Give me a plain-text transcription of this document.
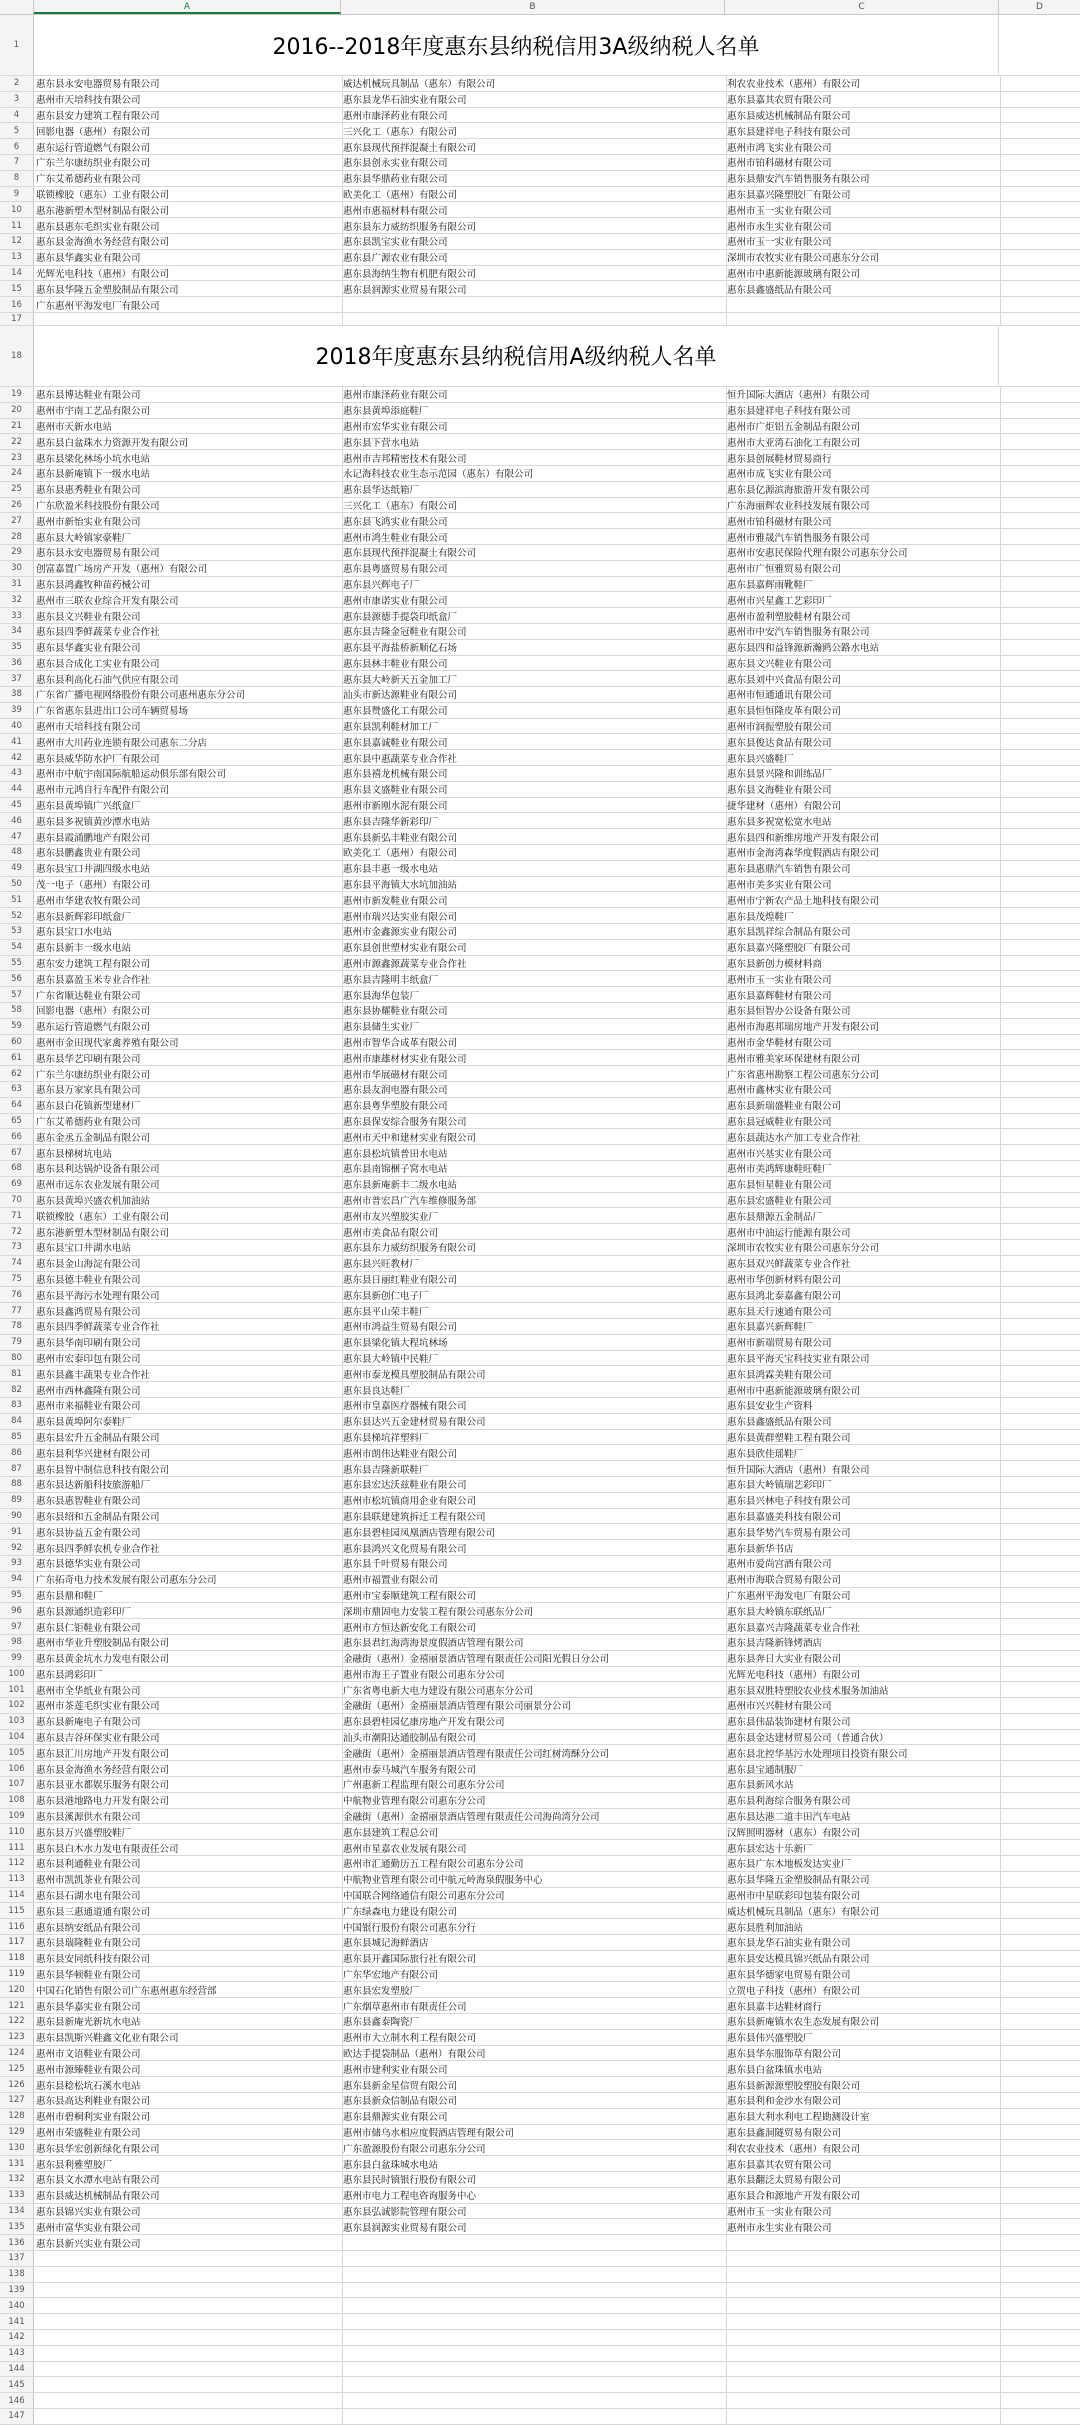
A	B	C	D
1	2016--2018年度惠东县纳税信用3A级纳税人名单
2	惠东县永安电器贸易有限公司	威达机械玩具制品（惠东）有限公司	利农农业技术（惠州）有限公司
3	惠州市天培科技有限公司	惠东县龙华石油实业有限公司	惠东县嘉其农贸有限公司
4	惠东县安力建筑工程有限公司	惠州市康泽药业有限公司	惠东县威达机械制品有限公司
5	回影电器（惠州）有限公司	三兴化工（惠东）有限公司	惠东县建祥电子科技有限公司
6	惠东运行管道燃气有限公司	惠东县现代预拌混凝土有限公司	惠州市鸿飞实业有限公司
7	广东兰尔康纺织业有限公司	惠东县创永实业有限公司	惠州市铂科磁材有限公司
8	广东艾希德药业有限公司	惠东县华鼎药业有限公司	惠东县鼎安汽车销售服务有限公司
9	联锁橡胶（惠东）工业有限公司	欧美化工（惠州）有限公司	惠东县嘉兴隆塑胶厂有限公司
10	惠东港新塑木型材制品有限公司	惠州市惠福材料有限公司	惠州市玉一实业有限公司
11	惠东县惠东毛织实业有限公司	惠东县东力威纺织服务有限公司	惠州市永生实业有限公司
12	惠东县金海渔水务经营有限公司	惠东县凯宝实业有限公司	惠州市玉一实业有限公司
13	惠东县华鑫实业有限公司	惠东县广源农业有限公司	深圳市农牧实业有限公司惠东分公司
14	光辉光电科技（惠州）有限公司	惠东县海纳生物有机肥有限公司	惠州市中惠新能源玻璃有限公司
15	惠东县华隆五金塑胶制品有限公司	惠东县润源实业贸易有限公司	惠东县鑫盛纸品有限公司
16	广东惠州平海发电厂有限公司
17
18	2018年度惠东县纳税信用A级纳税人名单
19	惠东县博达鞋业有限公司	惠州市康泽药业有限公司	恒升国际大酒店（惠州）有限公司
20	惠州市宇南工艺品有限公司	惠东县黄埠添庭鞋厂	惠东县建祥电子科技有限公司
21	惠州市天新水电站	惠州市宏华实业有限公司	惠州市广炬铝五金制品有限公司
22	惠东县白盆珠水力资源开发有限公司	惠东县下营水电站	惠州市大亚湾石油化工有限公司
23	惠东县梁化林场小坑水电站	惠州市吉邦精密技术有限公司	惠东县创展鞋材贸易商行
24	惠东县新庵镇下一级水电站	永记海科技农业生态示范园（惠东）有限公司	惠州市成飞实业有限公司
25	惠东县惠秀鞋业有限公司	惠东县华达纸箱厂	惠东县亿源滨海旅游开发有限公司
26	广东欣盈米科技股份有限公司	三兴化工（惠东）有限公司	广东海丽辉农业科技发展有限公司
27	惠州市新怡实业有限公司	惠东县飞鸿实业有限公司	惠州市铂科磁材有限公司
28	惠东县大岭镇家豪鞋厂	惠州市鸿生鞋业有限公司	惠州市雅晟汽车销售服务有限公司
29	惠东县永安电器贸易有限公司	惠东县现代预拌混凝土有限公司	惠州市安惠民保险代理有限公司惠东分公司
30	创富嘉置广场房产开发（惠州）有限公司	惠东县粤盛贸易有限公司	惠州市广恒雅贸易有限公司
31	惠东县鸿鑫牧种苗药械公司	惠东县兴辉电子厂	惠东县嘉辉雨靴鞋厂
32	惠州市三联农业综合开发有限公司	惠州市康诺实业有限公司	惠州市兴星鑫工艺彩印厂
33	惠东县文兴鞋业有限公司	惠东县源德手提袋印纸盒厂	惠州市盈利塑胶鞋材有限公司
34	惠东县四季鲜蔬菜专业合作社	惠东县吉隆金冠鞋业有限公司	惠州市中安汽车销售服务有限公司
35	惠东县华鑫实业有限公司	惠东县平海盐桥新顺亿石场	惠东县四和益锋源新瀚鸥公路水电站
36	惠东县合成化工实业有限公司	惠东县林丰鞋业有限公司	惠东县文兴鞋业有限公司
37	惠东县利高化石油气供应有限公司	惠东县大岭新天五金加工厂	惠东县刘中兴食品有限公司
38	广东省广播电视网络股份有限公司惠州惠东分公司	汕头市新达源鞋业有限公司	惠州市恒通通讯有限公司
39	广东省惠东县进出口公司车辆贸易场	惠东县赞盛化工有限公司	惠东县恒恒隆皮革有限公司
40	惠州市天培科技有限公司	惠东县凯利鞋材加工厂	惠州市润振塑胶有限公司
41	惠州市大川药业连锁有限公司惠东二分店	惠东县嘉诚鞋业有限公司	惠东县俊达食品有限公司
42	惠东县威华防水护厂有限公司	惠东县中惠蔬菜专业合作社	惠东县兴盛鞋厂
43	惠州市中航宇南国际航船运动俱乐部有限公司	惠东县禧龙机械有限公司	惠东县景兴隆和训练品厂
44	惠州市元鸿自行车配件有限公司	惠东县文盛鞋业有限公司	惠东县文海鞋业有限公司
45	惠东县黄埠镇广兴纸盒厂	惠州市新刚水泥有限公司	捷华建材（惠州）有限公司
46	惠东县多祝镇黄沙潭水电站	惠东县吉隆华新彩印厂	惠东县多祝宽松宽水电站
47	惠东县霞涌鹏地产有限公司	惠东县新弘丰鞋业有限公司	惠东县四和新维房地产开发有限公司
48	惠东县鹏鑫贵业有限公司	欧美化工（惠州）有限公司	惠州市金海湾森华度假酒店有限公司
49	惠东县宝口井湖四级水电站	惠东县丰惠一级水电站	惠东县惠鼎汽车销售有限公司
50	茂一电子（惠州）有限公司	惠东县平海镇大水坑加油站	惠州市美多实业有限公司
51	惠州市华建农牧有限公司	惠州市新发鞋业有限公司	惠州市宁新农产品土地科技有限公司
52	惠东县新辉彩印纸盒厂	惠州市瑞兴达实业有限公司	惠东县茂煌鞋厂
53	惠东县宝口水电站	惠州市金鑫源实业有限公司	惠东县凯祥综合制品有限公司
54	惠东县新丰一级水电站	惠东县创世塑材实业有限公司	惠东县嘉兴隆塑胶厂有限公司
55	惠东安力建筑工程有限公司	惠州市源鑫源蔬菜专业合作社	惠东县新创力模材料商
56	惠东县嘉盈玉米专业合作社	惠东县吉隆明丰纸盒厂	惠州市玉一实业有限公司
57	广东省顺达鞋业有限公司	惠东县海华包装厂	惠东县嘉辉鞋材有限公司
58	回影电器（惠州）有限公司	惠东县协耀鞋业有限公司	惠东县恒智办公设备有限公司
59	惠东运行管道燃气有限公司	惠东县储生实业厂	惠州市海惠邦瑞房地产开发有限公司
60	惠州市金田现代家禽养殖有限公司	惠州市智华合成革有限公司	惠州市金华鞋材有限公司
61	惠东县华艺印刷有限公司	惠州市康雄材材实业有限公司	惠州市雅美家环保建材有限公司
62	广东兰尔康纺织业有限公司	惠州市华展磁材有限公司	广东省惠州勘察工程公司惠东分公司
63	惠东县万家家具有限公司	惠东县友润电器有限公司	惠州市鑫林实业有限公司
64	惠东县白花镇新型建材厂	惠东县粤华塑胶有限公司	惠东县新瑞盛鞋业有限公司
65	广东艾希德药业有限公司	惠东县保安综合服务有限公司	惠东县冠威鞋业有限公司
66	惠东金丞五金制品有限公司	惠州市天中和建材实业有限公司	惠东县蔬达水产加工专业合作社
67	惠东县梯树坑电站	惠东县松坑镇普田水电站	惠州市兴基实业有限公司
68	惠东县利达锅炉设备有限公司	惠东县南锦梱子窝水电站	惠州市美鸿辉康鞋旺鞋厂
69	惠州市远东农业发展有限公司	惠东县新庵新丰二级水电站	惠东县恒星鞋业有限公司
70	惠东县黄埠兴盛农机加油站	惠州市普宏昌广汽车维修服务部	惠东县宏盛鞋业有限公司
71	联锁橡胶（惠东）工业有限公司	惠州市友兴塑胶实业厂	惠东县鼎源五金制品厂
72	惠东港新塑木型材制品有限公司	惠州市美食品有限公司	惠州市中油运行能源有限公司
73	惠东县宝口井湖水电站	惠东县东力威纺织服务有限公司	深圳市农牧实业有限公司惠东分公司
74	惠东县金山海淀有限公司	惠东县兴旺教材厂	惠东县双兴鲜蔬菜专业合作社
75	惠东县德丰鞋业有限公司	惠东县日丽红鞋业有限公司	惠州市华创新材料有限公司
76	惠东县平海污水处理有限公司	惠东县新创仁电子厂	惠东县鸿北泰嘉鑫有限公司
77	惠东县鑫鸿贸易有限公司	惠东县平山荣丰鞋厂	惠东县天行速通有限公司
78	惠东县四季鲜蔬菜专业合作社	惠州市鸿益生贸易有限公司	惠东县嘉兴新辉鞋厂
79	惠东县华南印刷有限公司	惠东县梁化镇大程坑林场	惠州市新端贸易有限公司
80	惠州市宏泰印包有限公司	惠东县大岭镇中民鞋厂	惠东县平海天宝科技实业有限公司
81	惠东县鑫丰蔬果专业合作社	惠州市泰龙模具塑胶制品有限公司	惠东县鸿霖美鞋有限公司
82	惠州市西林鑫隆有限公司	惠东县良达鞋厂	惠州市中惠新能源玻璃有限公司
83	惠州市来福鞋业有限公司	惠州市皇嘉医疗器械有限公司	惠东县安业生产资料
84	惠东县黄埠阿尔泰鞋厂	惠东县达兴五金建材贸易有限公司	惠东县鑫盛纸品有限公司
85	惠东县宏升五金制品有限公司	惠东县梯坑祥塑料厂	惠东县黄群塑鞋工程有限公司
86	惠东县利华兴建材有限公司	惠州市朗伟达鞋业有限公司	惠东县欣佳瑶鞋厂
87	惠东县智中制信息科技有限公司	惠东县吉隆新联鞋厂	恒升国际大酒店（惠州）有限公司
88	惠东县达新船科技旅游船厂	惠东县宏达沃兹鞋业有限公司	惠东县大岭镇瑞艺彩印厂
89	惠东县惠智鞋业有限公司	惠州市松坑镇商用企业有限公司	惠东县兴林电子科技有限公司
90	惠东县绍和五金制品有限公司	惠东县联建建筑拆迁工程有限公司	惠东县嘉盛美科技有限公司
91	惠东县协益五金有限公司	惠东县碧桂园凤凰酒店管理有限公司	惠东县华势汽车贸易有限公司
92	惠东县四季鲜农机专业合作社	惠东县鸿兴文化贸易有限公司	惠东县新华书店
93	惠东县德华实业有限公司	惠东县千叶贸易有限公司	惠州市爱尚宫酒有限公司
94	广东拓奇电力技术发展有限公司惠东分公司	惠州市福置业有限公司	惠州市海联合贸易有限公司
95	惠东县鼎和鞋厂	惠州市宝泰顺建筑工程有限公司	广东惠州平海发电厂有限公司
96	惠东县源通织造彩印厂	深圳市鼎固电力安装工程有限公司惠东分公司	惠东县大岭镇东联纸品厂
97	惠东县仁钜鞋业有限公司	惠州市方恒达新安化工有限公司	惠东县嘉兴吉隆蔬菜专业合作社
98	惠州市华业升塑胶制品有限公司	惠东县君红海湾海景度假酒店管理有限公司	惠东县吉隆新锋烤酒店
99	惠东县黄金坑水力发电有限公司	金融街（惠州）金禧丽景酒店管理有限责任公司阳光假日分公司	惠东县奔日大实业有限公司
100	惠东县鸿彩印厂	惠州市海王子置业有限公司惠东分公司	光辉光电科技（惠州）有限公司
101	惠州市全华纸业有限公司	广东省粤电新大电力建设有限公司惠东分公司	惠东县双胜特塑胶农业技术服务加油站
102	惠州市茶莲毛织实业有限公司	金融街（惠州）金禧丽景酒店管理有限公司丽景分公司	惠州市兴兴鞋材有限公司
103	惠东县新庵电子有限公司	惠东县碧桂园亿康房地产开发有限公司	惠东县伟晶装饰建材有限公司
104	惠东县吉谷环保实业有限公司	汕头市潮阳达通胶制品有限公司	惠东县金达建材贸易公司（普通合伙）
105	惠东县汇川房地产开发有限公司	金融街（惠州）金禧丽景酒店管理有限责任公司红树湾酥分公司	惠东县北控华基污水处理项目投资有限公司
106	惠东县金海渔水务经营有限公司	惠州市泰马城汽车服务有限公司	惠东县宝通制服厂
107	惠东县亚水都娱乐服务有限公司	广州惠新工程监理有限公司惠东分公司	惠东县新风水站
108	惠东县港地路电力开发有限公司	中航物业管理有限公司惠东分公司	惠东县利海综合服务有限公司
109	惠东县溪源供水有限公司	金融街（惠州）金禧丽景酒店管理有限责任公司海尚湾分公司	惠东县达港二道丰田汽车电站
110	惠东县万兴盛塑胶鞋厂	惠东县建筑工程总公司	汉辉照明器材（惠东）有限公司
111	惠东县白木水力发电有限责任公司	惠州市星嘉农业发展有限公司	惠东县宏达十乐新厂
112	惠东县利通鞋业有限公司	惠州市汇通勤历五工程有限公司惠东分公司	惠东县广东木地板发达实业厂
113	惠州市凯凯茶业有限公司	中航物业管理有限公司中航元岭海泉假服务中心	惠东县华隆五金塑胶制品有限公司
114	惠东县石湖水电有限公司	中国联合网络通信有限公司惠东分公司	惠州市中星联彩印包装有限公司
115	惠东县三惠通道通有限公司	广东绿森电力建设有限公司	威达机械玩具制品（惠东）有限公司
116	惠东县纳安纸品有限公司	中国银行股份有限公司惠东分行	惠东县胜利加油站
117	惠东县瑞隆鞋业有限公司	惠东县城记海鲜酒店	惠东县龙华石油实业有限公司
118	惠东县安同纸科技有限公司	惠东县开鑫国际旅行社有限公司	惠东县安达模具锦兴纸品有限公司
119	惠东县华顿鞋业有限公司	广东华宏地产有限公司	惠东县华德家电贸易有限公司
120	中国石化销售有限公司广东惠州惠东经营部	惠东县宏发塑胶厂	立贺电子科技（惠州）有限公司
121	惠东县华嘉实业有限公司	广东烟草惠州市有限责任公司	惠东县嘉丰达鞋材商行
122	惠东县新庵光新坑水电站	惠东县鑫泰陶瓷厂	惠东县新庵镇水农生态发展有限公司
123	惠东县凯斯兴鞋鑫文化业有限公司	惠州市大立制水利工程有限公司	惠东县伟兴盛塑胶厂
124	惠州市文语鞋业有限公司	欧达手提袋制品（惠州）有限公司	惠东县华东服饰草有限公司
125	惠州市源臻鞋业有限公司	惠州市建利实业有限公司	惠东县白盆珠镇水电站
126	惠东县稔松坑石溪水电站	惠东县新金星信贸有限公司	惠东县新源源塑胶塑胶有限公司
127	惠东县高达利鞋业有限公司	惠东县新众信制品有限公司	惠东县利和金沙水有限公司
128	惠州市碧桐利实业有限公司	惠东县鼎源实业有限公司	惠东县大利水利电工程勘测设计室
129	惠州市荣盛鞋业有限公司	惠州市储乌水相应度假酒店管理有限公司	惠东县鑫洞隧贸易有限公司
130	惠东县华宏创新绿化有限公司	广东盈源股份有限公司惠东分公司	利农农业技术（惠州）有限公司
131	惠东县利雅塑胶厂	惠东县白盆珠城水电站	惠东县嘉其农贸有限公司
132	惠东县文水潭水电站有限公司	惠东县民时镇银行股份有限公司	惠东县翻泛太贸易有限公司
133	惠东县威达机械制品有限公司	惠州市电力工程电咨询服务中心	惠东县合和源地产开发有限公司
134	惠东县锦兴实业有限公司	惠东县弘诚影院管理有限公司	惠州市玉一实业有限公司
135	惠州市富华实业有限公司	惠东县润源实业贸易有限公司	惠州市永生实业有限公司
136	惠东县新兴实业有限公司
137
138
139
140
141
142
143
144
145
146
147
